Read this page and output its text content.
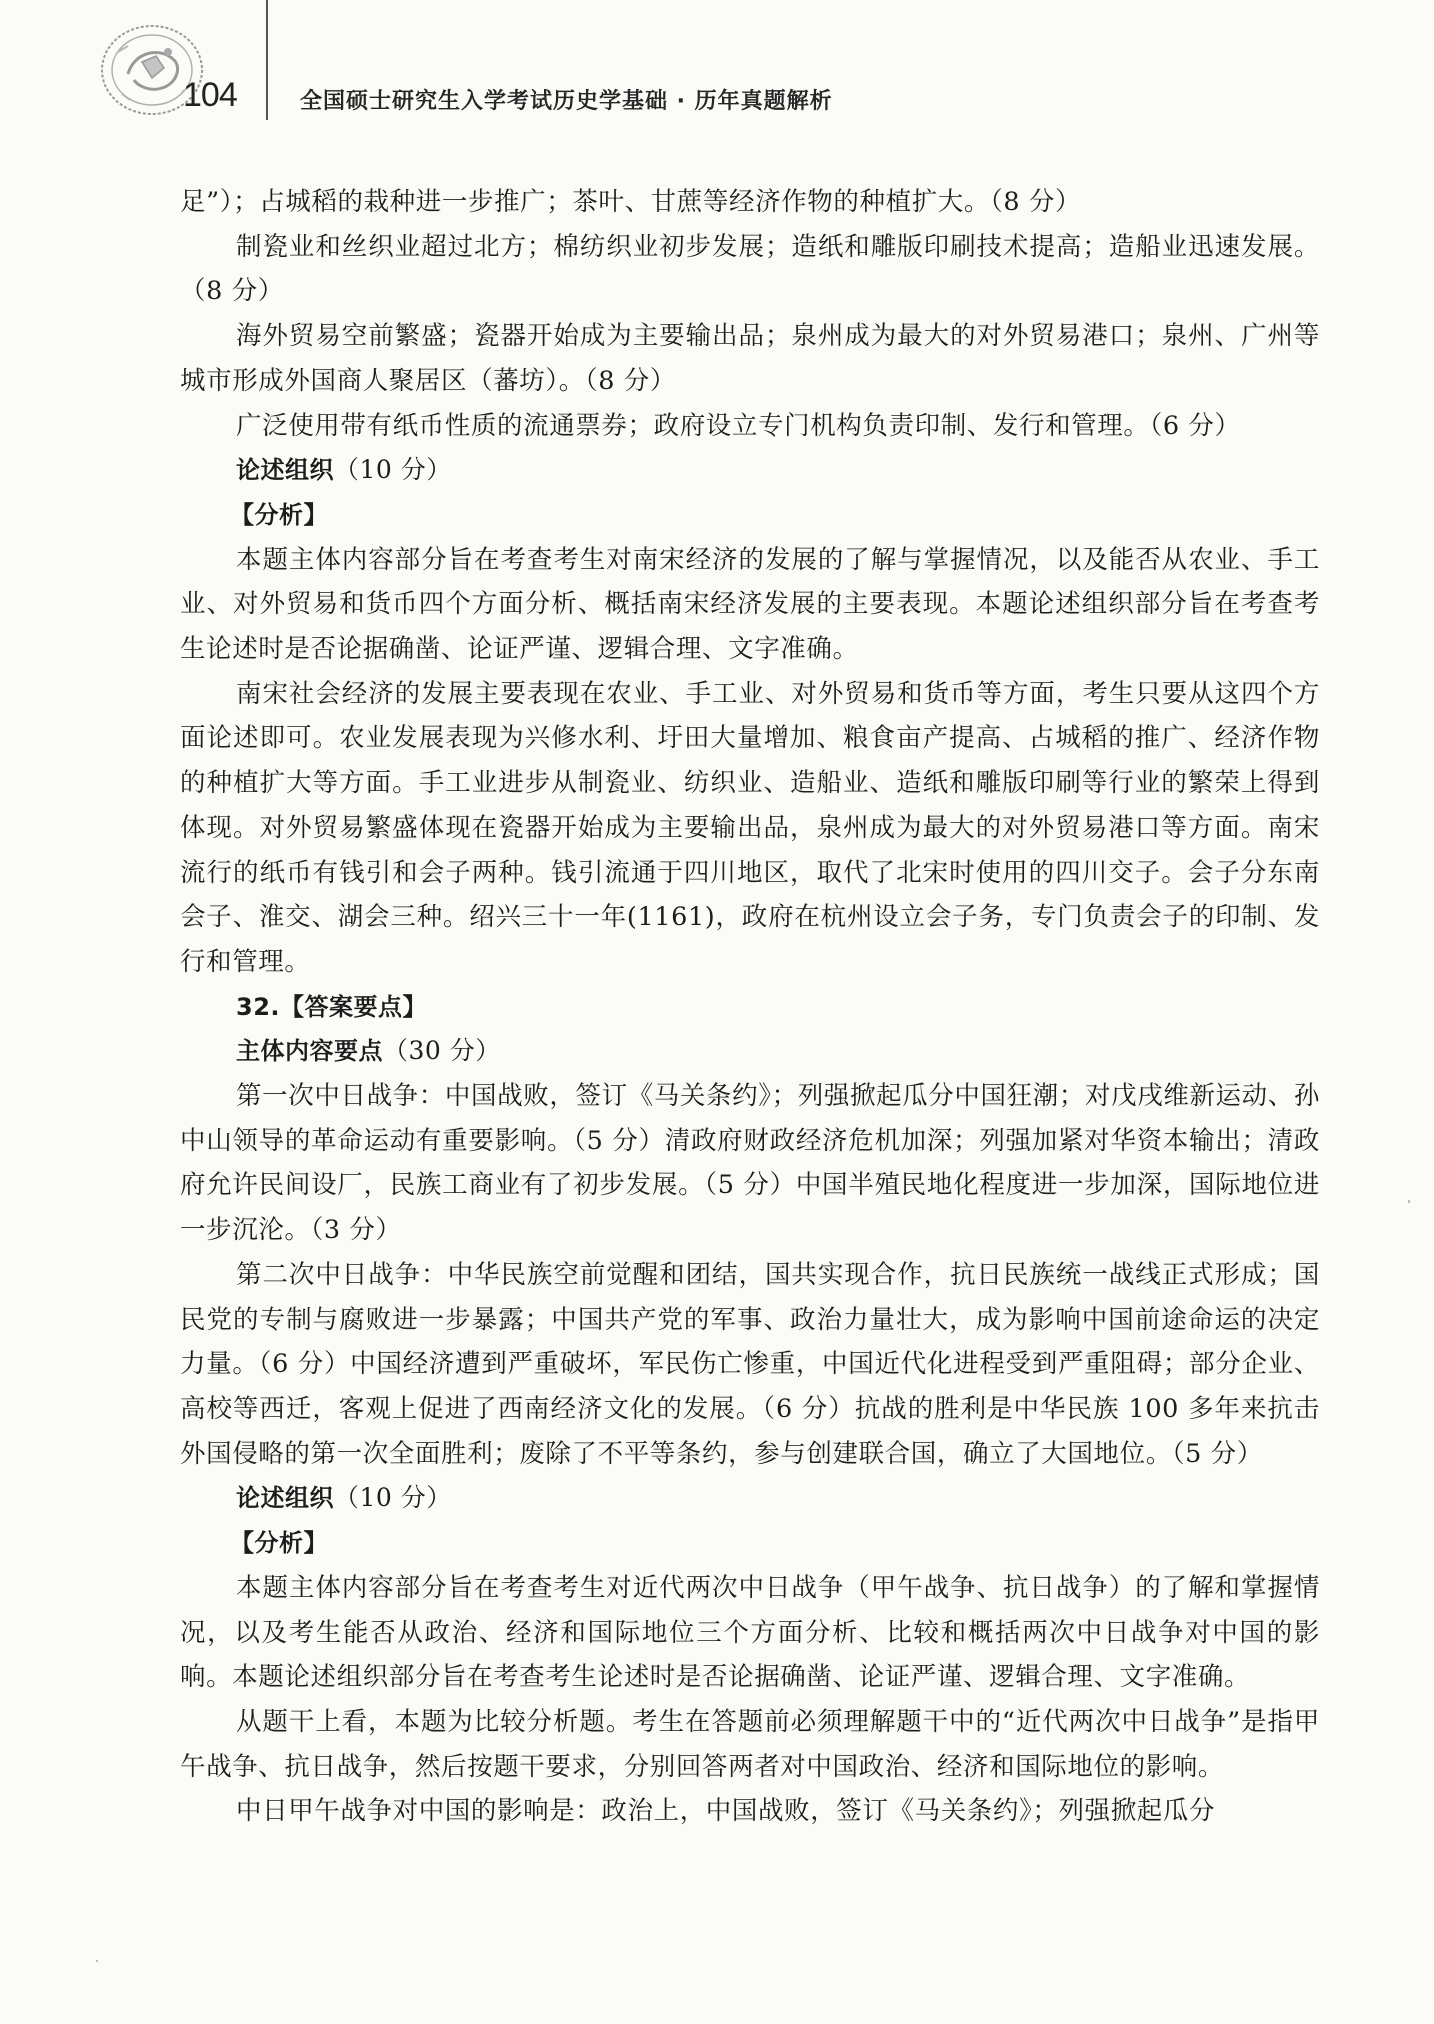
104	全国硕士研究生入学考试历史学基础 · 历年真题解析

足”）；占城稻的栽种进一步推广；茶叶、甘蔗等经济作物的种植扩大。（8 分）

制瓷业和丝织业超过北方；棉纺织业初步发展；造纸和雕版印刷技术提高；造船业迅速发展。（8 分）

海外贸易空前繁盛；瓷器开始成为主要输出品；泉州成为最大的对外贸易港口；泉州、广州等城市形成外国商人聚居区（蕃坊）。（8 分）

广泛使用带有纸币性质的流通票券；政府设立专门机构负责印制、发行和管理。（6 分）

论述组织（10 分）
【分析】

本题主体内容部分旨在考查考生对南宋经济的发展的了解与掌握情况，以及能否从农业、手工业、对外贸易和货币四个方面分析、概括南宋经济发展的主要表现。本题论述组织部分旨在考查考生论述时是否论据确凿、论证严谨、逻辑合理、文字准确。

南宋社会经济的发展主要表现在农业、手工业、对外贸易和货币等方面，考生只要从这四个方面论述即可。农业发展表现为兴修水利、圩田大量增加、粮食亩产提高、占城稻的推广、经济作物的种植扩大等方面。手工业进步从制瓷业、纺织业、造船业、造纸和雕版印刷等行业的繁荣上得到体现。对外贸易繁盛体现在瓷器开始成为主要输出品，泉州成为最大的对外贸易港口等方面。南宋流行的纸币有钱引和会子两种。钱引流通于四川地区，取代了北宋时使用的四川交子。会子分东南会子、淮交、湖会三种。绍兴三十一年(1161)，政府在杭州设立会子务，专门负责会子的印制、发行和管理。

32.【答案要点】
主体内容要点（30 分）

第一次中日战争：中国战败，签订《马关条约》；列强掀起瓜分中国狂潮；对戊戌维新运动、孙中山领导的革命运动有重要影响。（5 分）清政府财政经济危机加深；列强加紧对华资本输出；清政府允许民间设厂，民族工商业有了初步发展。（5 分）中国半殖民地化程度进一步加深，国际地位进一步沉沦。（3 分）

第二次中日战争：中华民族空前觉醒和团结，国共实现合作，抗日民族统一战线正式形成；国民党的专制与腐败进一步暴露；中国共产党的军事、政治力量壮大，成为影响中国前途命运的决定力量。（6 分）中国经济遭到严重破坏，军民伤亡惨重，中国近代化进程受到严重阻碍；部分企业、高校等西迁，客观上促进了西南经济文化的发展。（6 分）抗战的胜利是中华民族 100 多年来抗击外国侵略的第一次全面胜利；废除了不平等条约，参与创建联合国，确立了大国地位。（5 分）

论述组织（10 分）
【分析】

本题主体内容部分旨在考查考生对近代两次中日战争（甲午战争、抗日战争）的了解和掌握情况，以及考生能否从政治、经济和国际地位三个方面分析、比较和概括两次中日战争对中国的影响。本题论述组织部分旨在考查考生论述时是否论据确凿、论证严谨、逻辑合理、文字准确。

从题干上看，本题为比较分析题。考生在答题前必须理解题干中的“近代两次中日战争”是指甲午战争、抗日战争，然后按题干要求，分别回答两者对中国政治、经济和国际地位的影响。

中日甲午战争对中国的影响是：政治上，中国战败，签订《马关条约》；列强掀起瓜分
